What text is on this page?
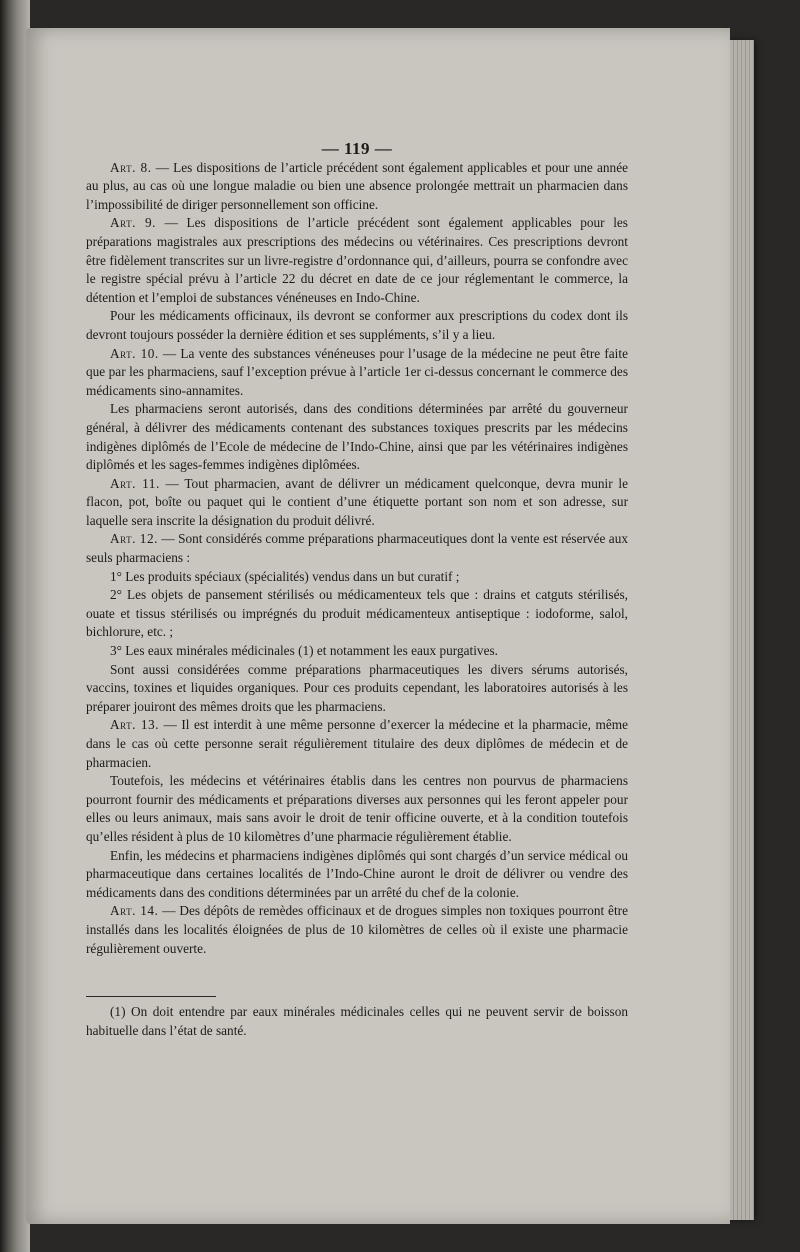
— 119 —

Art. 8. — Les dispositions de l’article précédent sont également applicables et pour une année au plus, au cas où une longue maladie ou bien une absence prolongée mettrait un pharmacien dans l’impossibilité de diriger personnellement son officine.

Art. 9. — Les dispositions de l’article précédent sont également applicables pour les préparations magistrales aux prescriptions des médecins ou vétérinaires. Ces prescriptions devront être fidèlement transcrites sur un livre-registre d’ordonnance qui, d’ailleurs, pourra se confondre avec le registre spécial prévu à l’article 22 du décret en date de ce jour réglementant le commerce, la détention et l’emploi de substances vénéneuses en Indo-Chine.

Pour les médicaments officinaux, ils devront se conformer aux prescriptions du codex dont ils devront toujours posséder la dernière édition et ses suppléments, s’il y a lieu.

Art. 10. — La vente des substances vénéneuses pour l’usage de la médecine ne peut être faite que par les pharmaciens, sauf l’exception prévue à l’article 1er ci-dessus concernant le commerce des médicaments sino-annamites.

Les pharmaciens seront autorisés, dans des conditions déterminées par arrêté du gouverneur général, à délivrer des médicaments contenant des substances toxiques prescrits par les médecins indigènes diplômés de l’Ecole de médecine de l’Indo-Chine, ainsi que par les vétérinaires indigènes diplômés et les sages-femmes indigènes diplômées.

Art. 11. — Tout pharmacien, avant de délivrer un médicament quelconque, devra munir le flacon, pot, boîte ou paquet qui le contient d’une étiquette portant son nom et son adresse, sur laquelle sera inscrite la désignation du produit délivré.

Art. 12. — Sont considérés comme préparations pharmaceutiques dont la vente est réservée aux seuls pharmaciens :

1° Les produits spéciaux (spécialités) vendus dans un but curatif ;

2° Les objets de pansement stérilisés ou médicamenteux tels que : drains et catguts stérilisés, ouate et tissus stérilisés ou imprégnés du produit médicamenteux antiseptique : iodoforme, salol, bichlorure, etc. ;

3° Les eaux minérales médicinales (1) et notamment les eaux purgatives.

Sont aussi considérées comme préparations pharmaceutiques les divers sérums autorisés, vaccins, toxines et liquides organiques. Pour ces produits cependant, les laboratoires autorisés à les préparer jouiront des mêmes droits que les pharmaciens.

Art. 13. — Il est interdit à une même personne d’exercer la médecine et la pharmacie, même dans le cas où cette personne serait régulièrement titulaire des deux diplômes de médecin et de pharmacien.

Toutefois, les médecins et vétérinaires établis dans les centres non pourvus de pharmaciens pourront fournir des médicaments et préparations diverses aux personnes qui les feront appeler pour elles ou leurs animaux, mais sans avoir le droit de tenir officine ouverte, et à la condition toutefois qu’elles résident à plus de 10 kilomètres d’une pharmacie régulièrement établie.

Enfin, les médecins et pharmaciens indigènes diplômés qui sont chargés d’un service médical ou pharmaceutique dans certaines localités de l’Indo-Chine auront le droit de délivrer ou vendre des médicaments dans des conditions déterminées par un arrêté du chef de la colonie.

Art. 14. — Des dépôts de remèdes officinaux et de drogues simples non toxiques pourront être installés dans les localités éloignées de plus de 10 kilomètres de celles où il existe une pharmacie régulièrement ouverte.

(1) On doit entendre par eaux minérales médicinales celles qui ne peuvent servir de boisson habituelle dans l’état de santé.
